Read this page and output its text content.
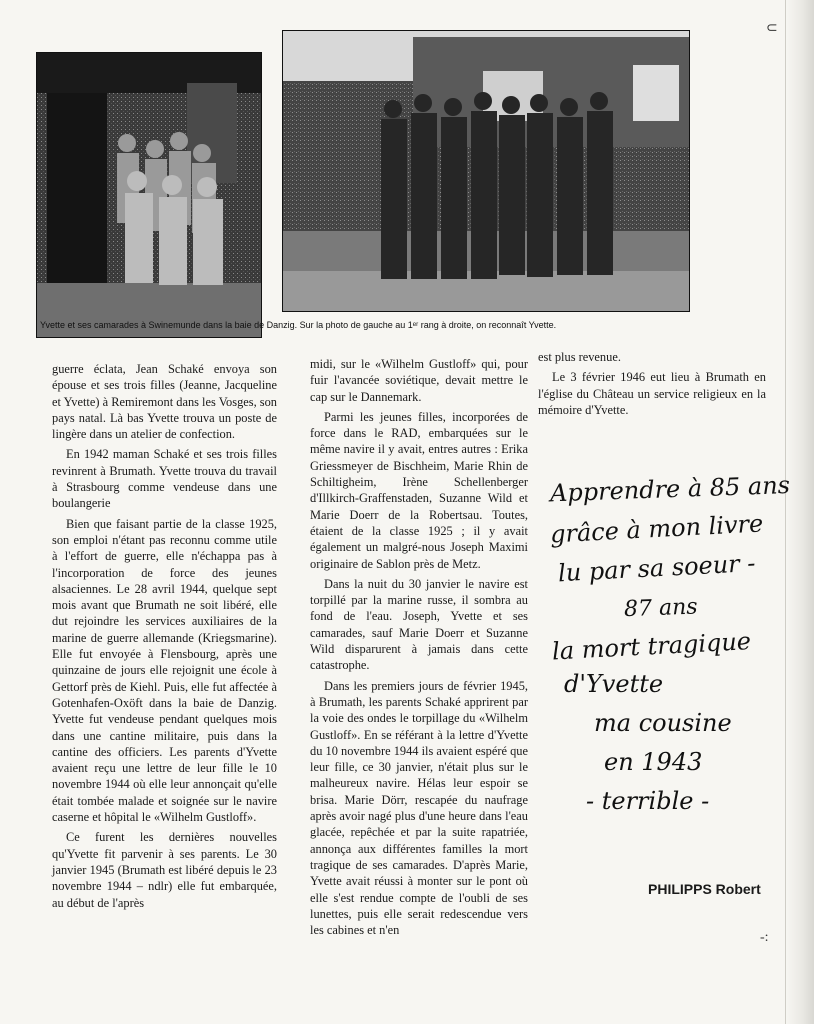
Yvette et ses camarades à Swinemunde dans la baie de Danzig. Sur la photo de gauche au 1ᵉʳ rang à droite, on reconnaît Yvette.

guerre éclata, Jean Schaké envoya son épouse et ses trois filles (Jeanne, Jacqueline et Yvette) à Remiremont dans les Vosges, son pays natal. Là bas Yvette trouva un poste de lingère dans un atelier de confection.

En 1942 maman Schaké et ses trois filles revinrent à Brumath. Yvette trouva du travail à Strasbourg comme vendeuse dans une boulangerie

Bien que faisant partie de la classe 1925, son emploi n'étant pas reconnu comme utile à l'effort de guerre, elle n'échappa pas à l'incorporation de force des jeunes alsaciennes. Le 28 avril 1944, quelque sept mois avant que Brumath ne soit libéré, elle dut rejoindre les services auxiliaires de la marine de guerre allemande (Kriegsmarine). Elle fut envoyée à Flensbourg, après une quinzaine de jours elle rejoignit une école à Gettorf près de Kiehl. Puis, elle fut affectée à Gotenhafen-Oxöft dans la baie de Danzig. Yvette fut vendeuse pendant quelques mois dans une cantine militaire, puis dans la cantine des officiers. Les parents d'Yvette avaient reçu une lettre de leur fille le 10 novembre 1944 où elle leur annonçait qu'elle était tombée malade et soignée sur le navire caserne et hôpital le «Wilhelm Gustloff».

Ce furent les dernières nouvelles qu'Yvette fit parvenir à ses parents. Le 30 janvier 1945 (Brumath est libéré depuis le 23 novembre 1944 – ndlr) elle fut embarquée, au début de l'après

midi, sur le «Wilhelm Gustloff» qui, pour fuir l'avancée soviétique, devait mettre le cap sur le Dannemark.

Parmi les jeunes filles, incorporées de force dans le RAD, embarquées sur le même navire il y avait, entres autres : Erika Griessmeyer de Bischheim, Marie Rhin de Schiltigheim, Irène Schellenberger d'Illkirch-Graffenstaden, Suzanne Wild et Marie Doerr de la Robertsau. Toutes, étaient de la classe 1925 ; il y avait également un malgré-nous Joseph Maximi originaire de Sablon près de Metz.

Dans la nuit du 30 janvier le navire est torpillé par la marine russe, il sombra au fond de l'eau. Joseph, Yvette et ses camarades, sauf Marie Doerr et Suzanne Wild disparurent à jamais dans cette catastrophe.

Dans les premiers jours de février 1945, à Brumath, les parents Schaké apprirent par la voie des ondes le torpillage du «Wilhelm Gustloff». En se référant à la lettre d'Yvette du 10 novembre 1944 ils avaient espéré que leur fille, ce 30 janvier, n'était plus sur le malheureux navire. Hélas leur espoir se brisa. Marie Dörr, rescapée du naufrage après avoir nagé plus d'une heure dans l'eau glacée, repêchée et par la suite rapatriée, annonça aux différentes familles la mort tragique de ses camarades. D'après Marie, Yvette avait réussi à monter sur le pont où elle s'est rendue compte de l'oubli de ses lunettes, puis elle serait redescendue vers les cabines et n'en

est plus revenue.

Le 3 février 1946 eut lieu à Brumath en l'église du Château un service religieux en la mémoire d'Yvette.

Apprendre à 85 ans
grâce à mon livre
lu par sa soeur -
87 ans
la mort tragique
d'Yvette
ma cousine
en 1943
- terrible -
PHILIPPS Robert
-:
⊂
